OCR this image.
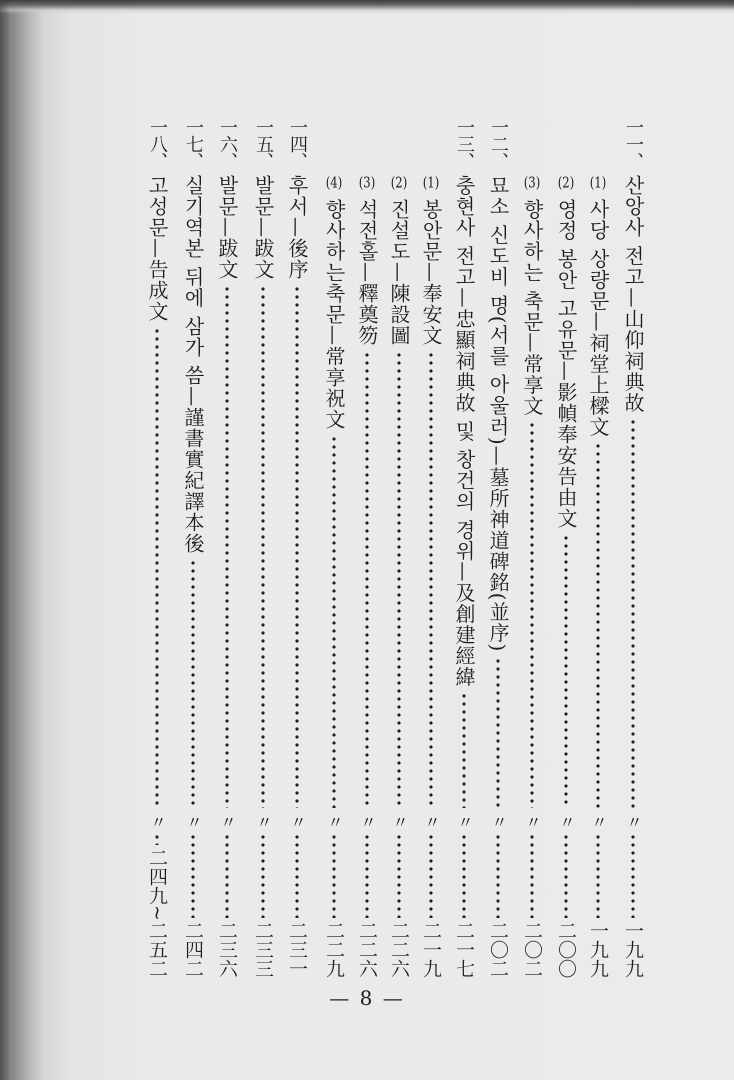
一一、
산앙사 전고—山仰祠典故
〃
一九九
(1)
사당 상량문—祠堂上樑文
〃
一九九
(2)
영정 봉안 고유문—影幀奉安告由文
〃
二〇〇
(3)
향사하는 축문—常享文
〃
二〇二
一二、
묘소 신도비 명(서를 아울러)—墓所神道碑銘(並序)
〃
二〇二
一三、
충현사 전고—忠顯祠典故 및 창건의 경위—及創建經緯
〃
二一七
(1)
봉안문—奉安文
〃
二一九
(2)
진설도—陳設圖
〃
二二六
(3)
석전홀—釋奠笏
〃
二二六
(4)
향사하는축문—常享祝文
〃
二二九
一四、
후서—後序
〃
二三一
一五、
발문—跋文
〃
二三三
一六、
발문—跋文
〃
二三六
一七、
실기역본 뒤에 삼가 씀—謹書實紀譯本後
〃
二四二
一八、
고성문—告成文
〃
二四九~二五二
— 8 —
